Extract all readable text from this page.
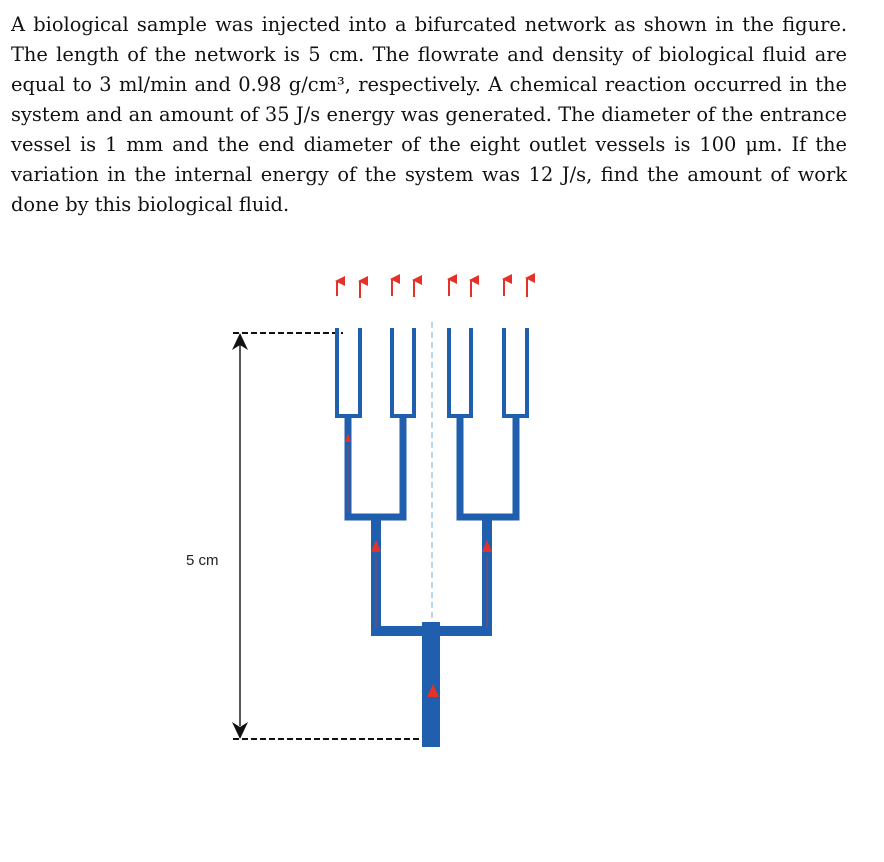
A biological sample was injected into a bifurcated network as shown in the figure. The length of the network is 5 cm. The flowrate and density of biological fluid are equal to 3 ml/min and 0.98 g/cm³, respectively. A chemical reaction occurred in the system and an amount of 35 J/s energy was generated. The diameter of the entrance vessel is 1 mm and the end diameter of the eight outlet vessels is 100 μm. If the variation in the internal energy of the system was 12 J/s, find the amount of work done by this biological fluid.

5 cm
